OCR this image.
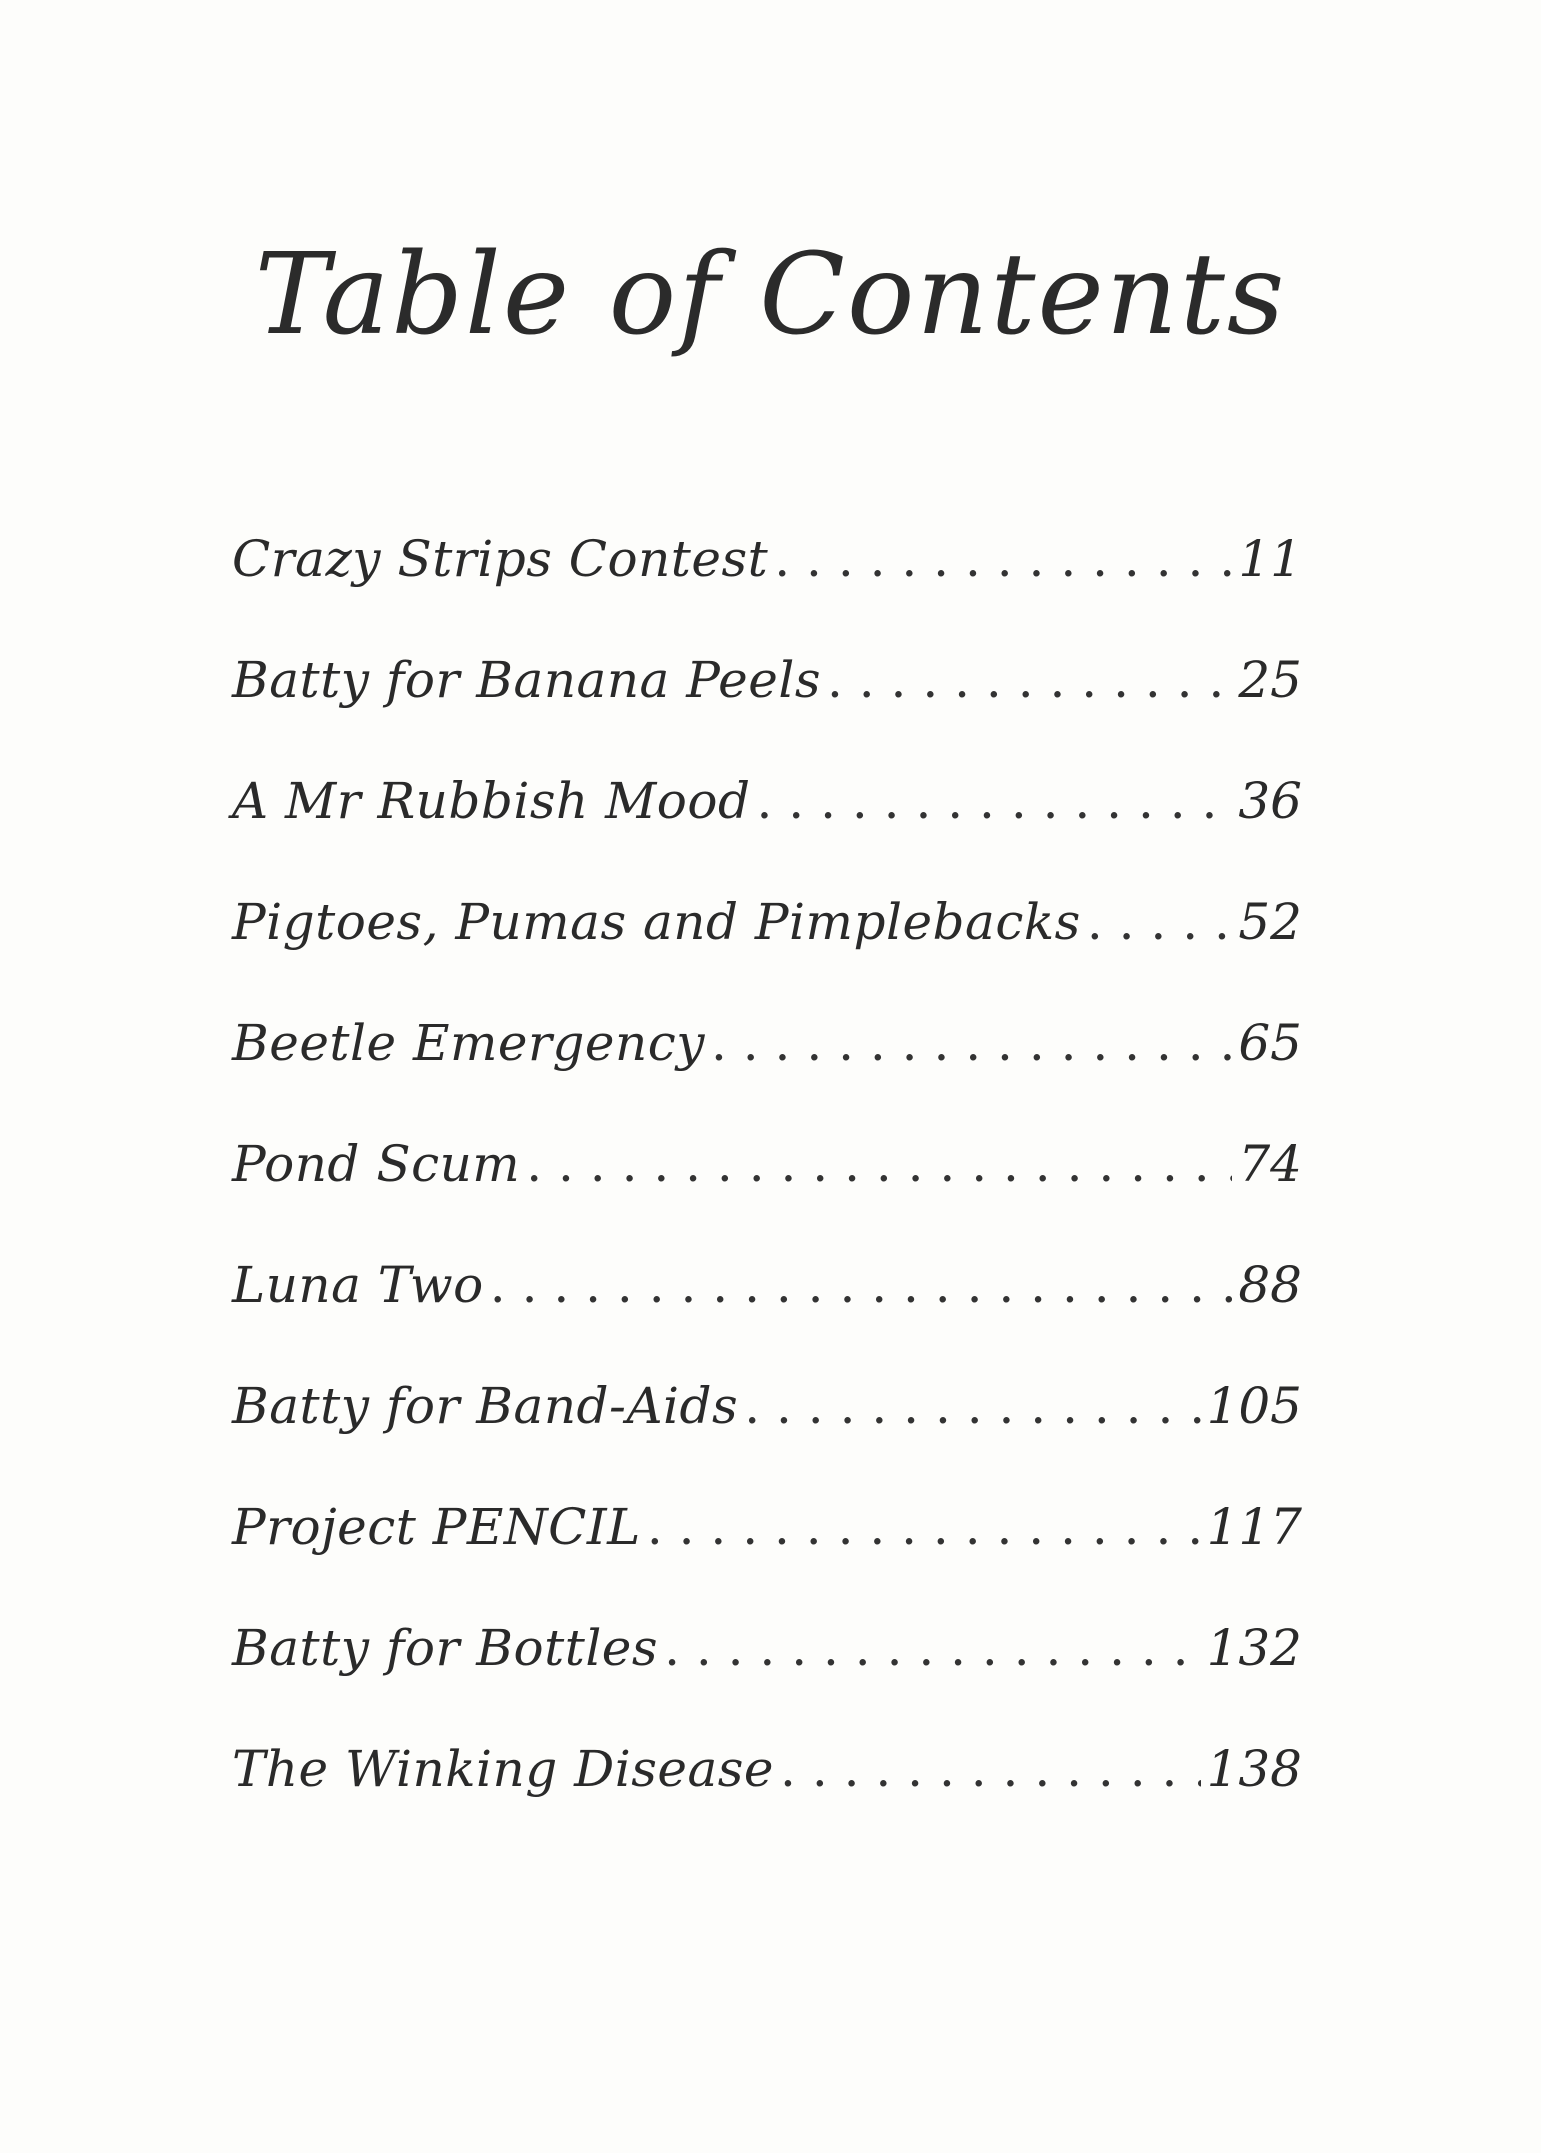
Table of Contents
Crazy Strips Contest . . .	11
Batty for Banana Peels . . .	25
A Mr Rubbish Mood . . .	36
Pigtoes, Pumas and Pimplebacks . . .	52
Beetle Emergency . . .	65
Pond Scum . . .	74
Luna Two . . .	88
Batty for Band-Aids . . .	105
Project PENCIL . . .	117
Batty for Bottles . . .	132
The Winking Disease . . .	138
